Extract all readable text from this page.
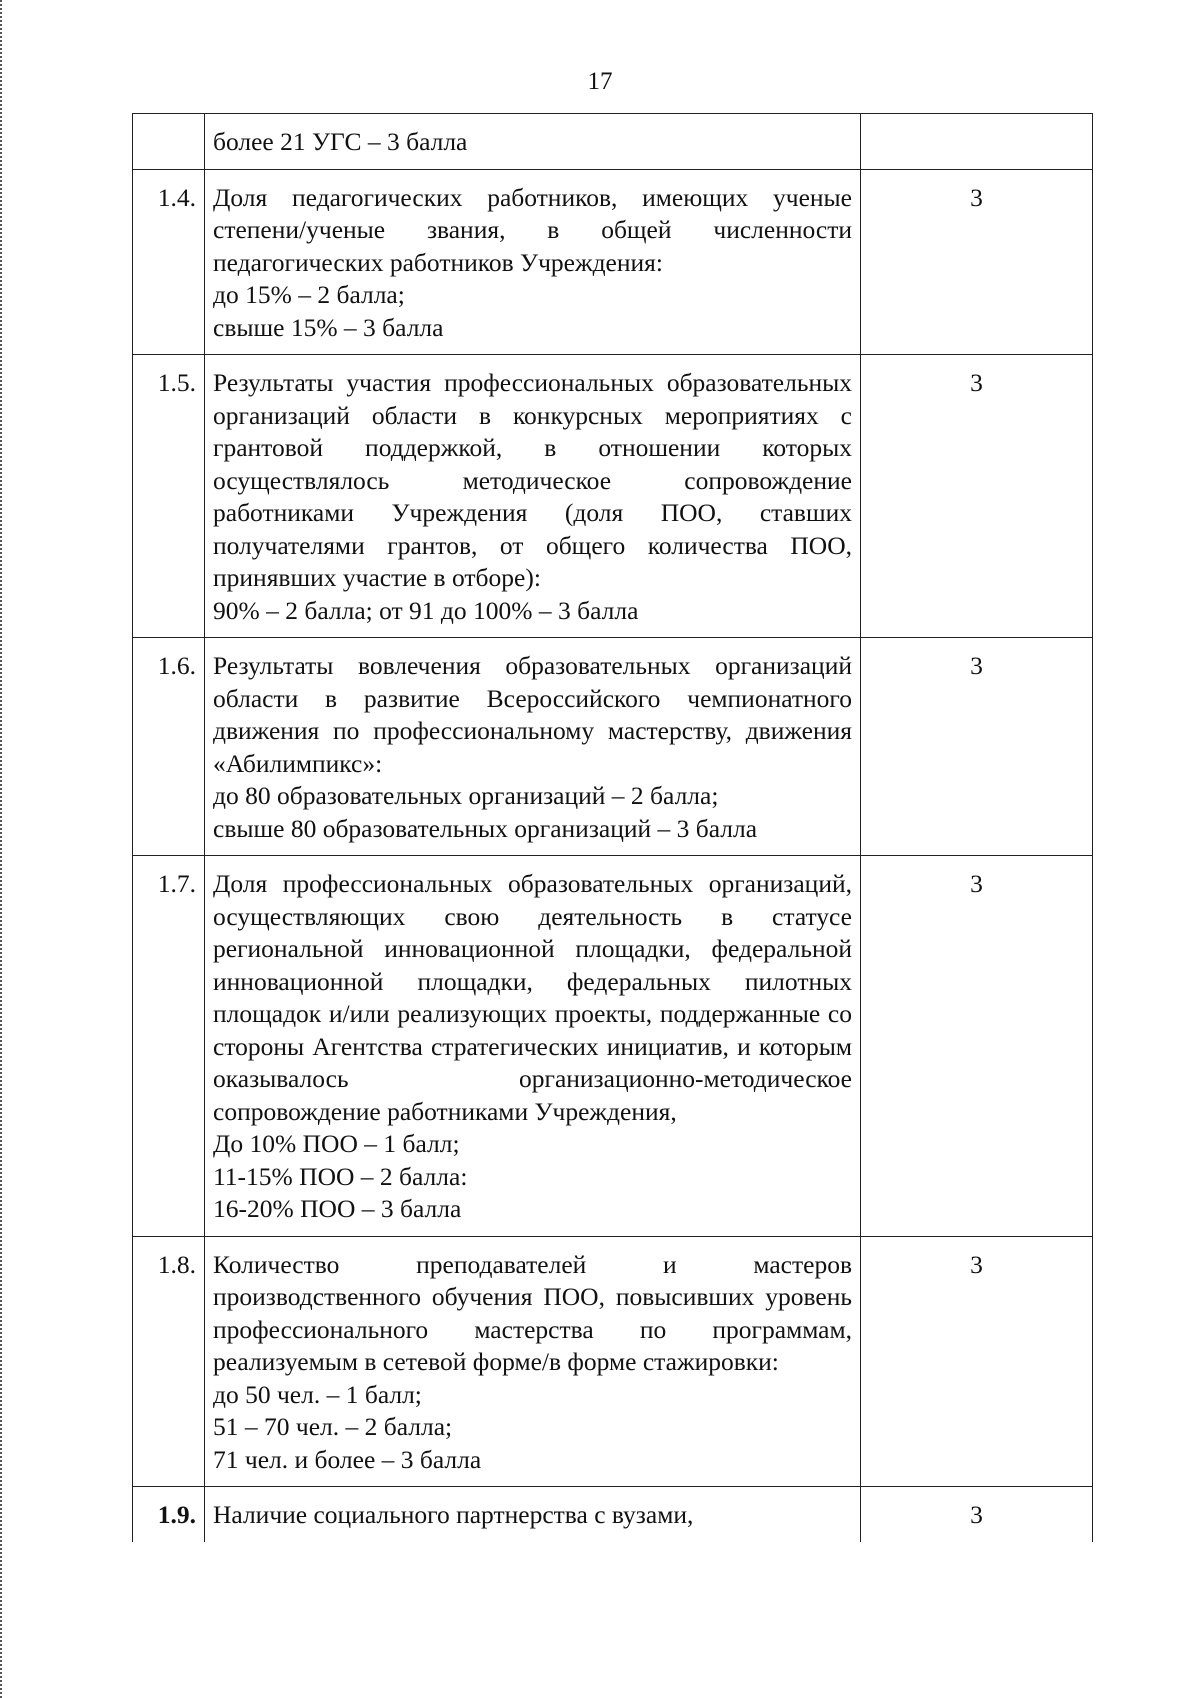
17

	более 21 УГС – 3 балла	

1.4.	Доля педагогических работников, имеющих ученые степени/ученые звания, в общей численности педагогических работников Учреждения:

до 15% – 2 балла;

свыше 15% – 3 балла	3
1.5.	Результаты участия профессиональных образовательных организаций области в конкурсных мероприятиях с грантовой поддержкой, в отношении которых осуществлялось методическое сопровождение работниками Учреждения (доля ПОО, ставших получателями грантов, от общего количества ПОО, принявших участие в отборе):

90% – 2 балла; от 91 до 100% – 3 балла	3
1.6.	Результаты вовлечения образовательных организаций области в развитие Всероссийского чемпионатного движения по профессиональному мастерству, движения «Абилимпикс»:

до 80 образовательных организаций – 2 балла;

свыше 80 образовательных организаций – 3 балла	3
1.7.	Доля профессиональных образовательных организаций, осуществляющих свою деятельность в статусе региональной инновационной площадки, федеральной инновационной площадки, федеральных пилотных площадок и/или реализующих проекты, поддержанные со стороны Агентства стратегических инициатив, и которым оказывалось организационно-методическое сопровождение работниками Учреждения,

До 10% ПОО – 1 балл;

11-15% ПОО – 2 балла:

16-20% ПОО – 3 балла	3
1.8.	Количество преподавателей и мастеров производственного обучения ПОО, повысивших уровень профессионального мастерства по программам, реализуемым в сетевой форме/в форме стажировки:

до 50 чел. – 1 балл;

51 – 70 чел. – 2 балла;

71 чел. и более – 3 балла	3
1.9.	Наличие социального партнерства с вузами,	3
